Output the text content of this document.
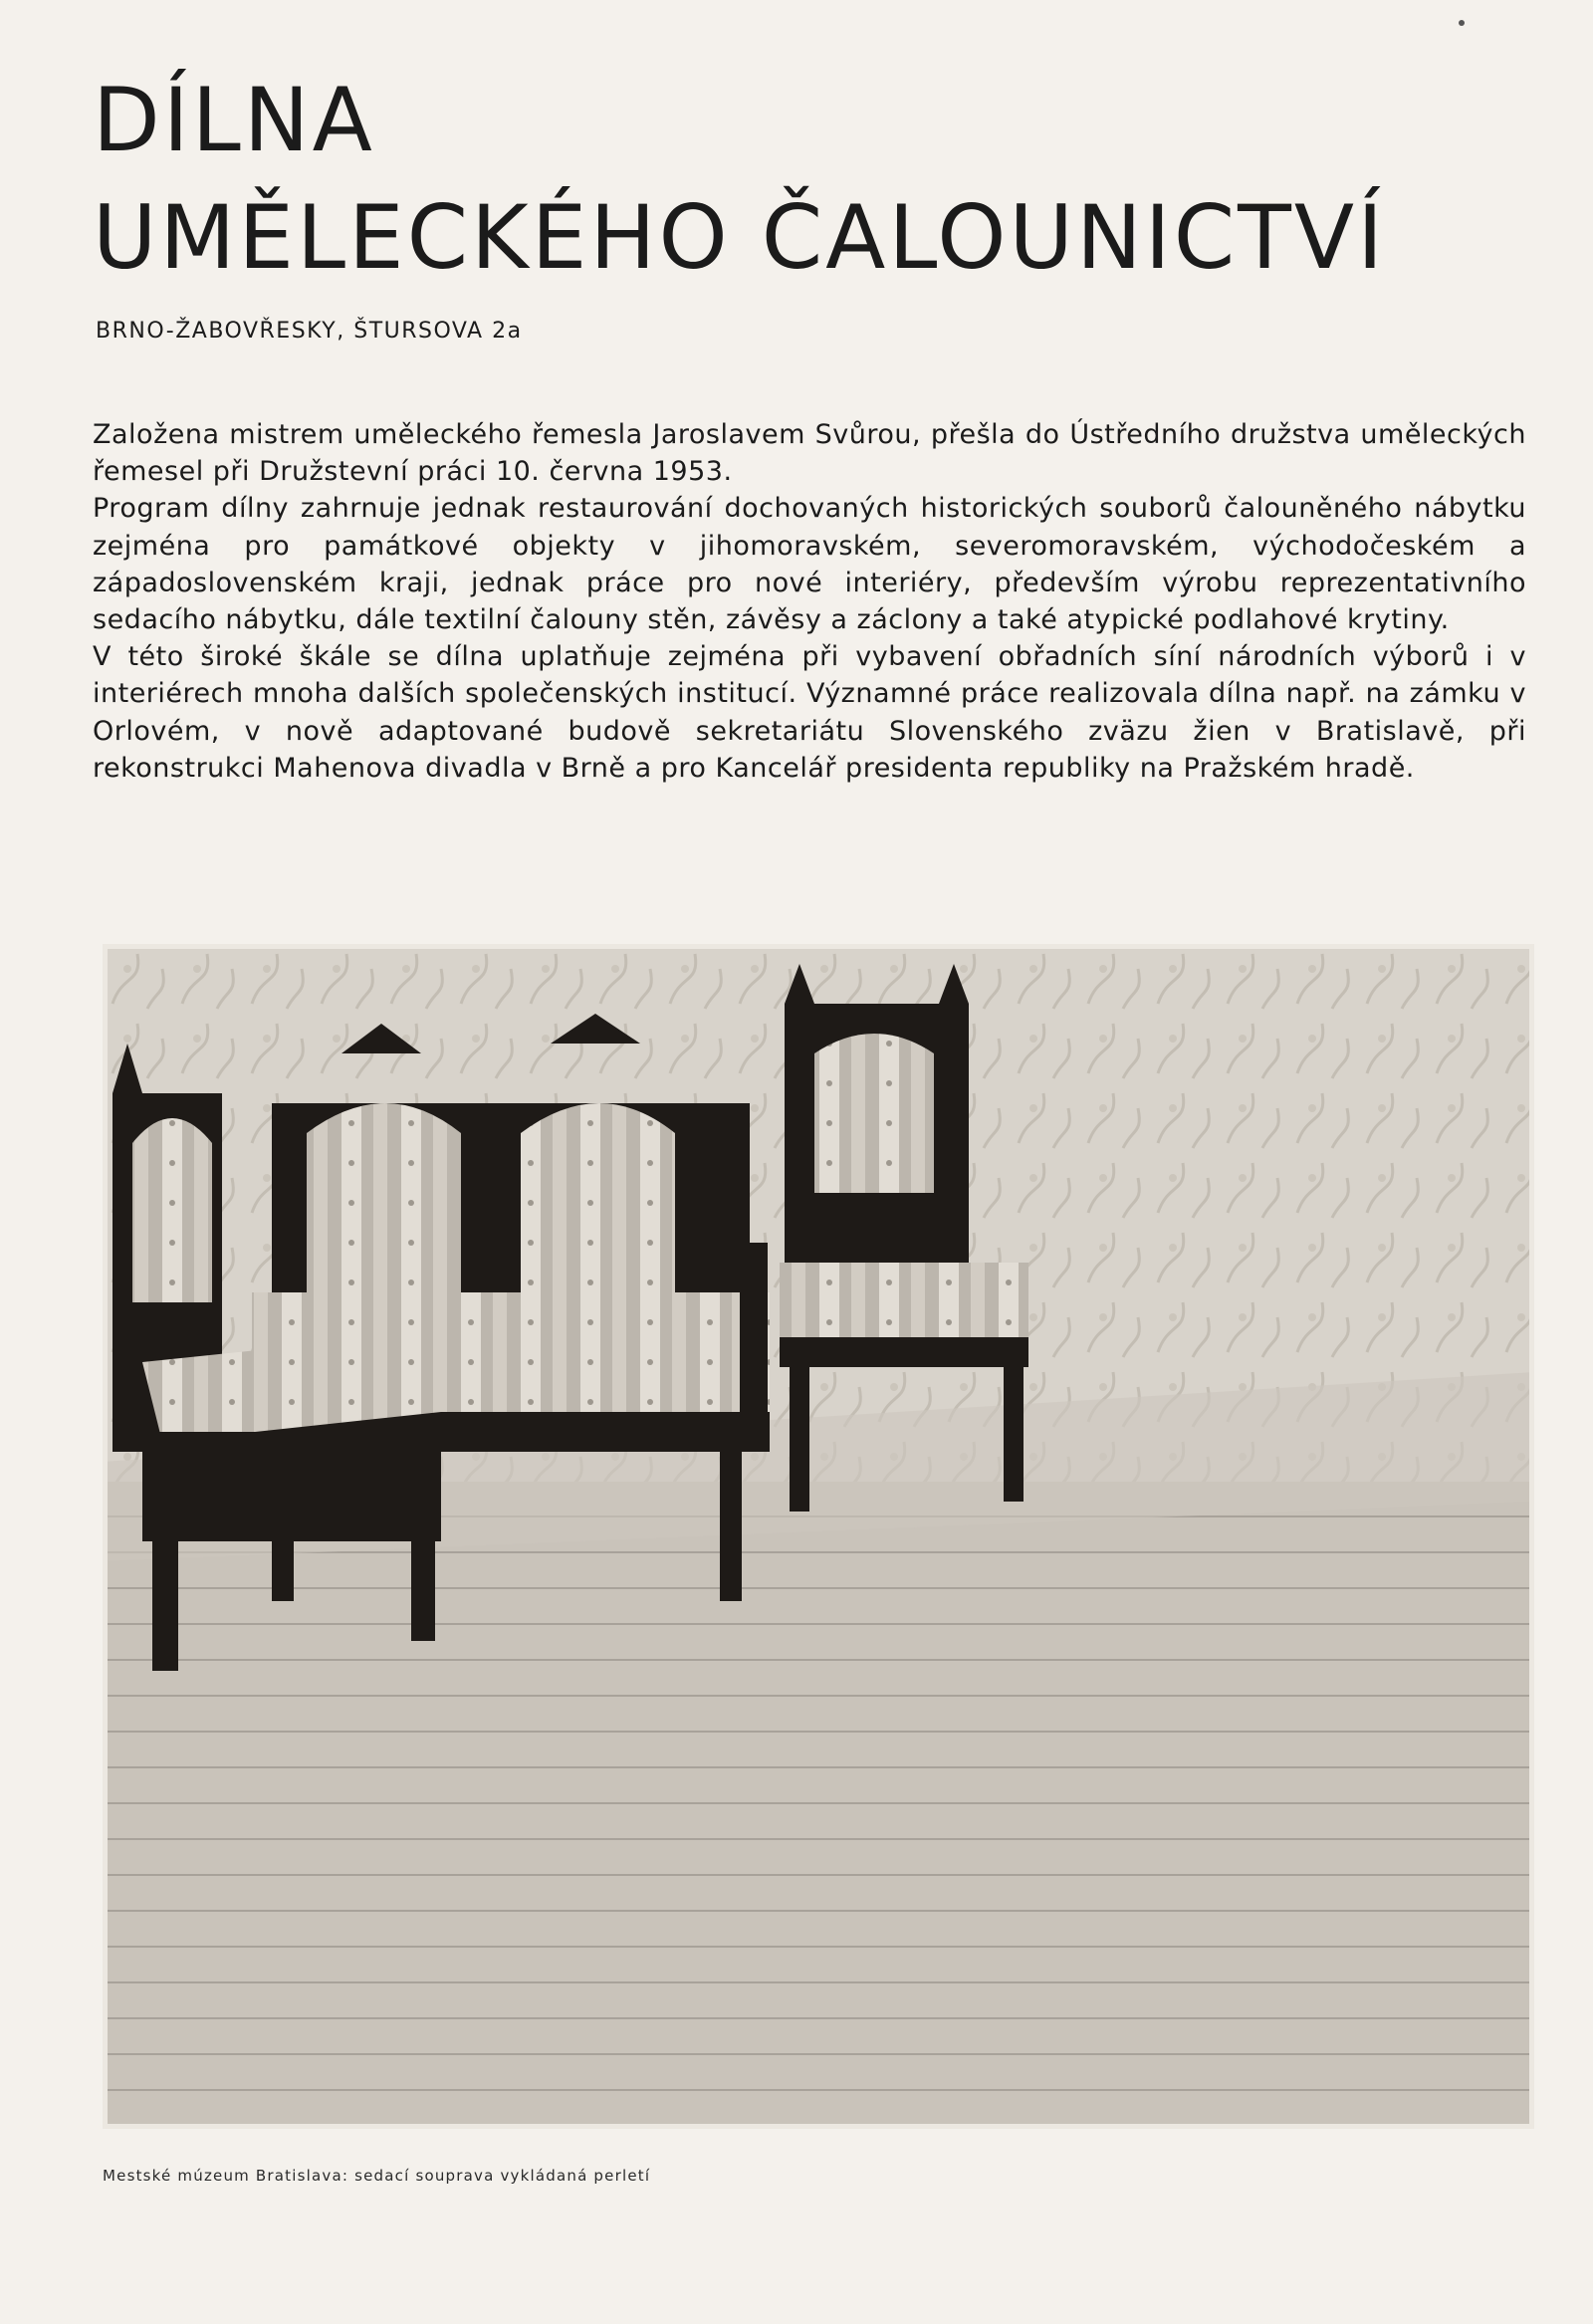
DÍLNA
UMĚLECKÉHO ČALOUNICTVÍ
BRNO-ŽABOVŘESKY, ŠTURSOVA 2a

Založena mistrem uměleckého řemesla Jaroslavem Svůrou, přešla do Ústředního družstva uměleckých řemesel při Družstevní práci 10. června 1953.

Program dílny zahrnuje jednak restaurování dochovaných historických souborů čalouněného nábytku zejména pro památkové objekty v jihomoravském, severomoravském, východočeském a západoslovenském kraji, jednak práce pro nové interiéry, především výrobu reprezentativního sedacího nábytku, dále textilní čalouny stěn, závěsy a záclony a také atypické podlahové krytiny.

V této široké škále se dílna uplatňuje zejména při vybavení obřadních síní národních výborů i v interiérech mnoha dalších společenských institucí. Významné práce realizovala dílna např. na zámku v Orlovém, v nově adaptované budově sekretariátu Slovenského zväzu žien v Bratislavě, při rekonstrukci Mahenova divadla v Brně a pro Kancelář presidenta republiky na Pražském hradě.

Mestské múzeum Bratislava: sedací souprava vykládaná perletí
